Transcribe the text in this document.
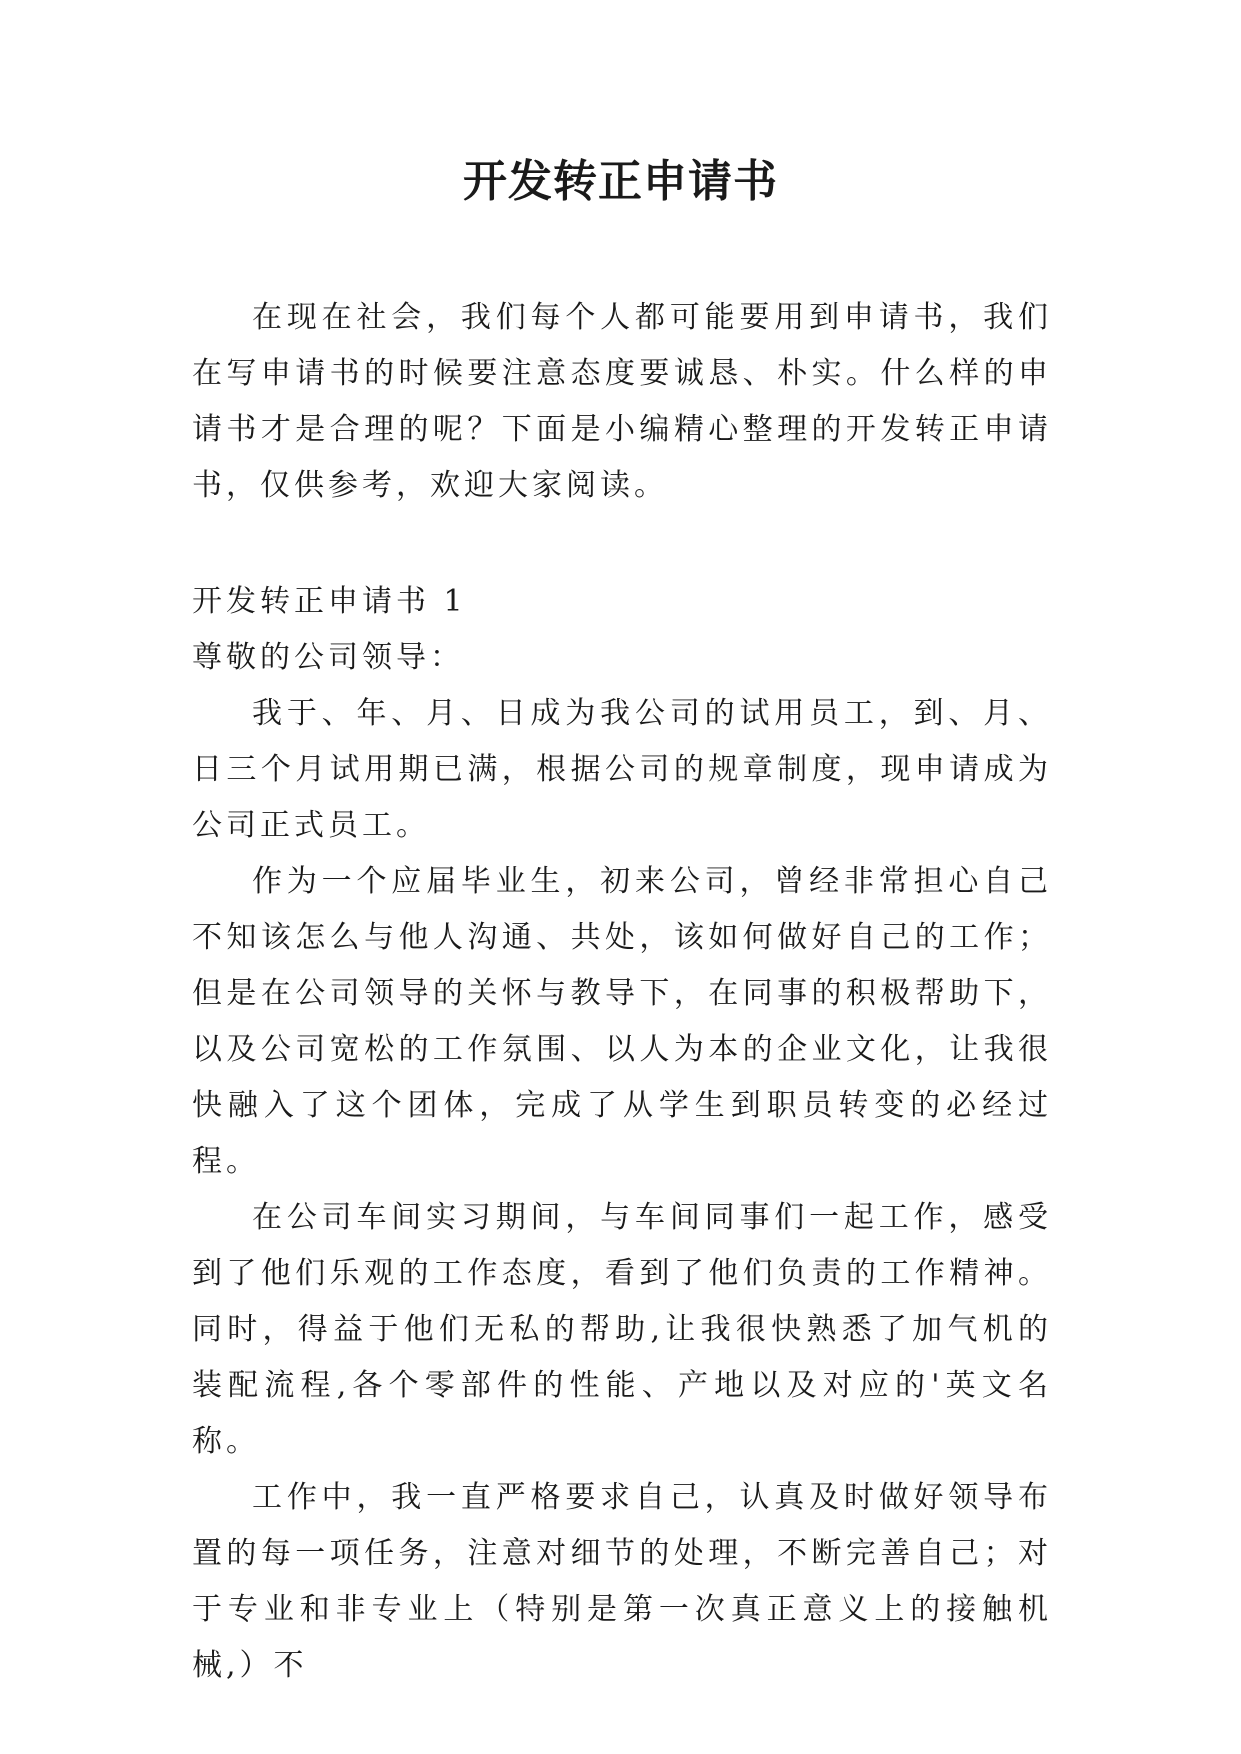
开发转正申请书

在现在社会，我们每个人都可能要用到申请书，我们在写申请书的时候要注意态度要诚恳、朴实。什么样的申请书才是合理的呢？下面是小编精心整理的开发转正申请书，仅供参考，欢迎大家阅读。

开发转正申请书 1

尊敬的公司领导：

我于、年、月、日成为我公司的试用员工，到、月、日三个月试用期已满，根据公司的规章制度，现申请成为公司正式员工。

作为一个应届毕业生，初来公司，曾经非常担心自己不知该怎么与他人沟通、共处，该如何做好自己的工作；但是在公司领导的关怀与教导下，在同事的积极帮助下，以及公司宽松的工作氛围、以人为本的企业文化，让我很快融入了这个团体，完成了从学生到职员转变的必经过程。

在公司车间实习期间，与车间同事们一起工作，感受到了他们乐观的工作态度，看到了他们负责的工作精神。同时，得益于他们无私的帮助,让我很快熟悉了加气机的装配流程,各个零部件的性能、产地以及对应的'英文名称。

工作中，我一直严格要求自己，认真及时做好领导布置的每一项任务，注意对细节的处理，不断完善自己；对于专业和非专业上（特别是第一次真正意义上的接触机械,）不
